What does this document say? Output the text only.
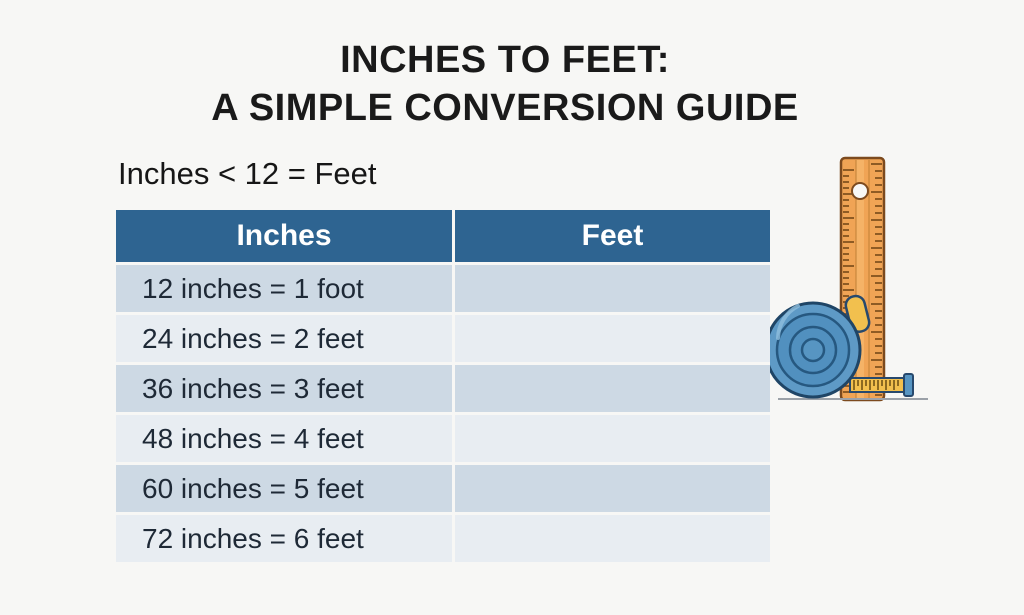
INCHES TO FEET:
A SIMPLE CONVERSION GUIDE
Inches < 12 = Feet
Inches	Feet
12 inches = 1 foot
24 inches = 2 feet
36 inches = 3 feet
48 inches = 4 feet
60 inches = 5 feet
72 inches = 6 feet
